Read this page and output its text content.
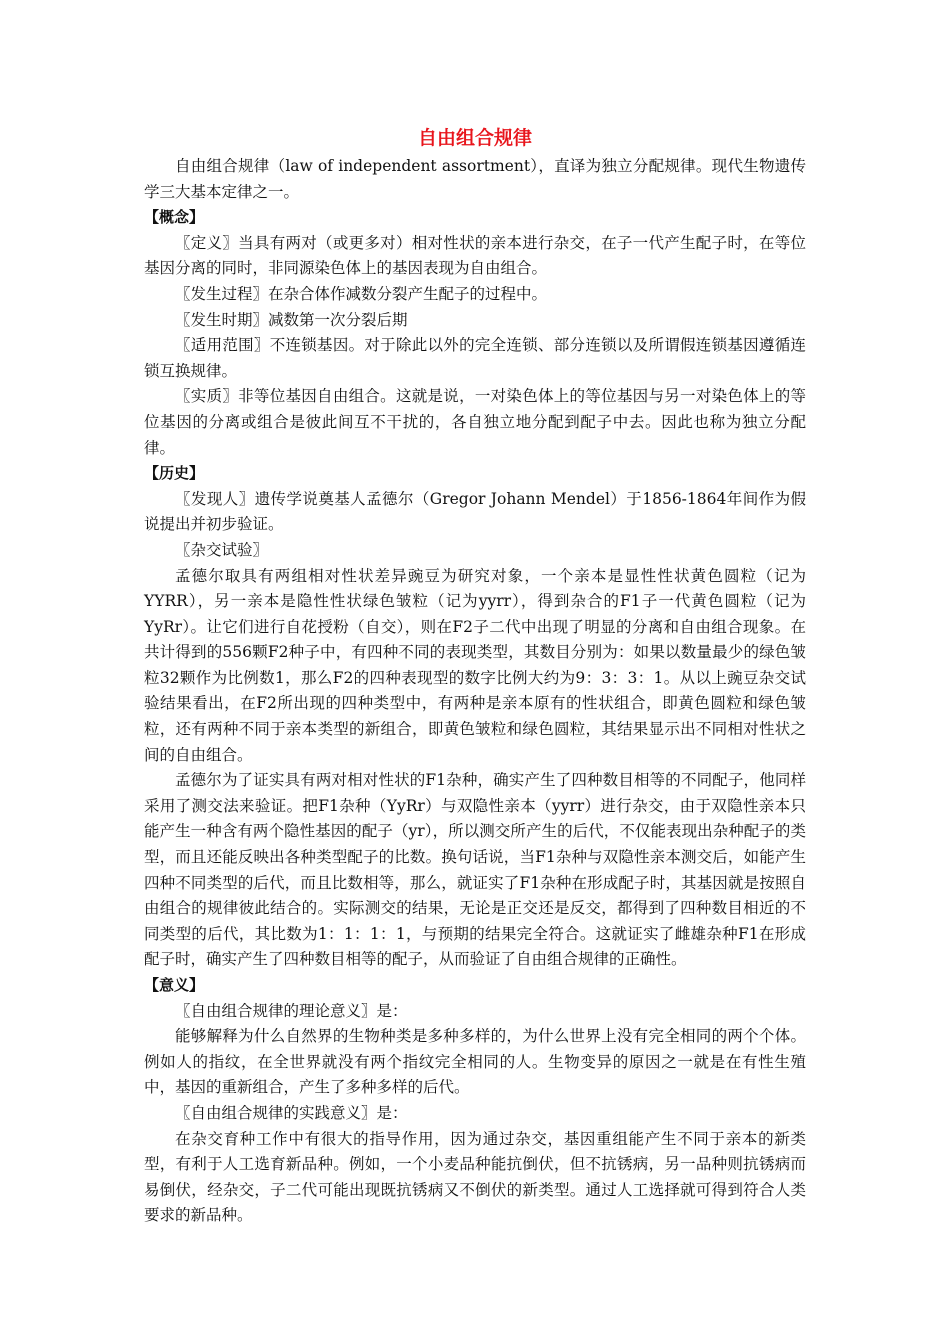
自由组合规律

自由组合规律（law of independent assortment），直译为独立分配规律。现代生物遗传学三大基本定律之一。

【概念】

〖定义〗当具有两对（或更多对）相对性状的亲本进行杂交，在子一代产生配子时，在等位基因分离的同时，非同源染色体上的基因表现为自由组合。

〖发生过程〗在杂合体作减数分裂产生配子的过程中。

〖发生时期〗减数第一次分裂后期

〖适用范围〗不连锁基因。对于除此以外的完全连锁、部分连锁以及所谓假连锁基因遵循连锁互换规律。

〖实质〗非等位基因自由组合。这就是说，一对染色体上的等位基因与另一对染色体上的等位基因的分离或组合是彼此间互不干扰的，各自独立地分配到配子中去。因此也称为独立分配律。

【历史】

〖发现人〗遗传学说奠基人孟德尔（Gregor Johann Mendel）于1856-1864年间作为假说提出并初步验证。

〖杂交试验〗

孟德尔取具有两组相对性状差异豌豆为研究对象，一个亲本是显性性状黄色圆粒（记为YYRR），另一亲本是隐性性状绿色皱粒（记为yyrr），得到杂合的F1子一代黄色圆粒（记为YyRr）。让它们进行自花授粉（自交），则在F2子二代中出现了明显的分离和自由组合现象。在共计得到的556颗F2种子中，有四种不同的表现类型，其数目分别为：如果以数量最少的绿色皱粒32颗作为比例数1，那么F2的四种表现型的数字比例大约为9：3：3：1。从以上豌豆杂交试验结果看出，在F2所出现的四种类型中，有两种是亲本原有的性状组合，即黄色圆粒和绿色皱粒，还有两种不同于亲本类型的新组合，即黄色皱粒和绿色圆粒，其结果显示出不同相对性状之间的自由组合。

孟德尔为了证实具有两对相对性状的F1杂种，确实产生了四种数目相等的不同配子，他同样采用了测交法来验证。把F1杂种（YyRr）与双隐性亲本（yyrr）进行杂交，由于双隐性亲本只能产生一种含有两个隐性基因的配子（yr），所以测交所产生的后代，不仅能表现出杂种配子的类型，而且还能反映出各种类型配子的比数。换句话说，当F1杂种与双隐性亲本测交后，如能产生四种不同类型的后代，而且比数相等，那么，就证实了F1杂种在形成配子时，其基因就是按照自由组合的规律彼此结合的。实际测交的结果，无论是正交还是反交，都得到了四种数目相近的不同类型的后代，其比数为1：1：1：1，与预期的结果完全符合。这就证实了雌雄杂种F1在形成配子时，确实产生了四种数目相等的配子，从而验证了自由组合规律的正确性。

【意义】

〖自由组合规律的理论意义〗是：

能够解释为什么自然界的生物种类是多种多样的，为什么世界上没有完全相同的两个个体。例如人的指纹，在全世界就没有两个指纹完全相同的人。生物变异的原因之一就是在有性生殖中，基因的重新组合，产生了多种多样的后代。

〖自由组合规律的实践意义〗是：

在杂交育种工作中有很大的指导作用，因为通过杂交，基因重组能产生不同于亲本的新类型，有利于人工选育新品种。例如，一个小麦品种能抗倒伏，但不抗锈病，另一品种则抗锈病而易倒伏，经杂交，子二代可能出现既抗锈病又不倒伏的新类型。通过人工选择就可得到符合人类要求的新品种。
